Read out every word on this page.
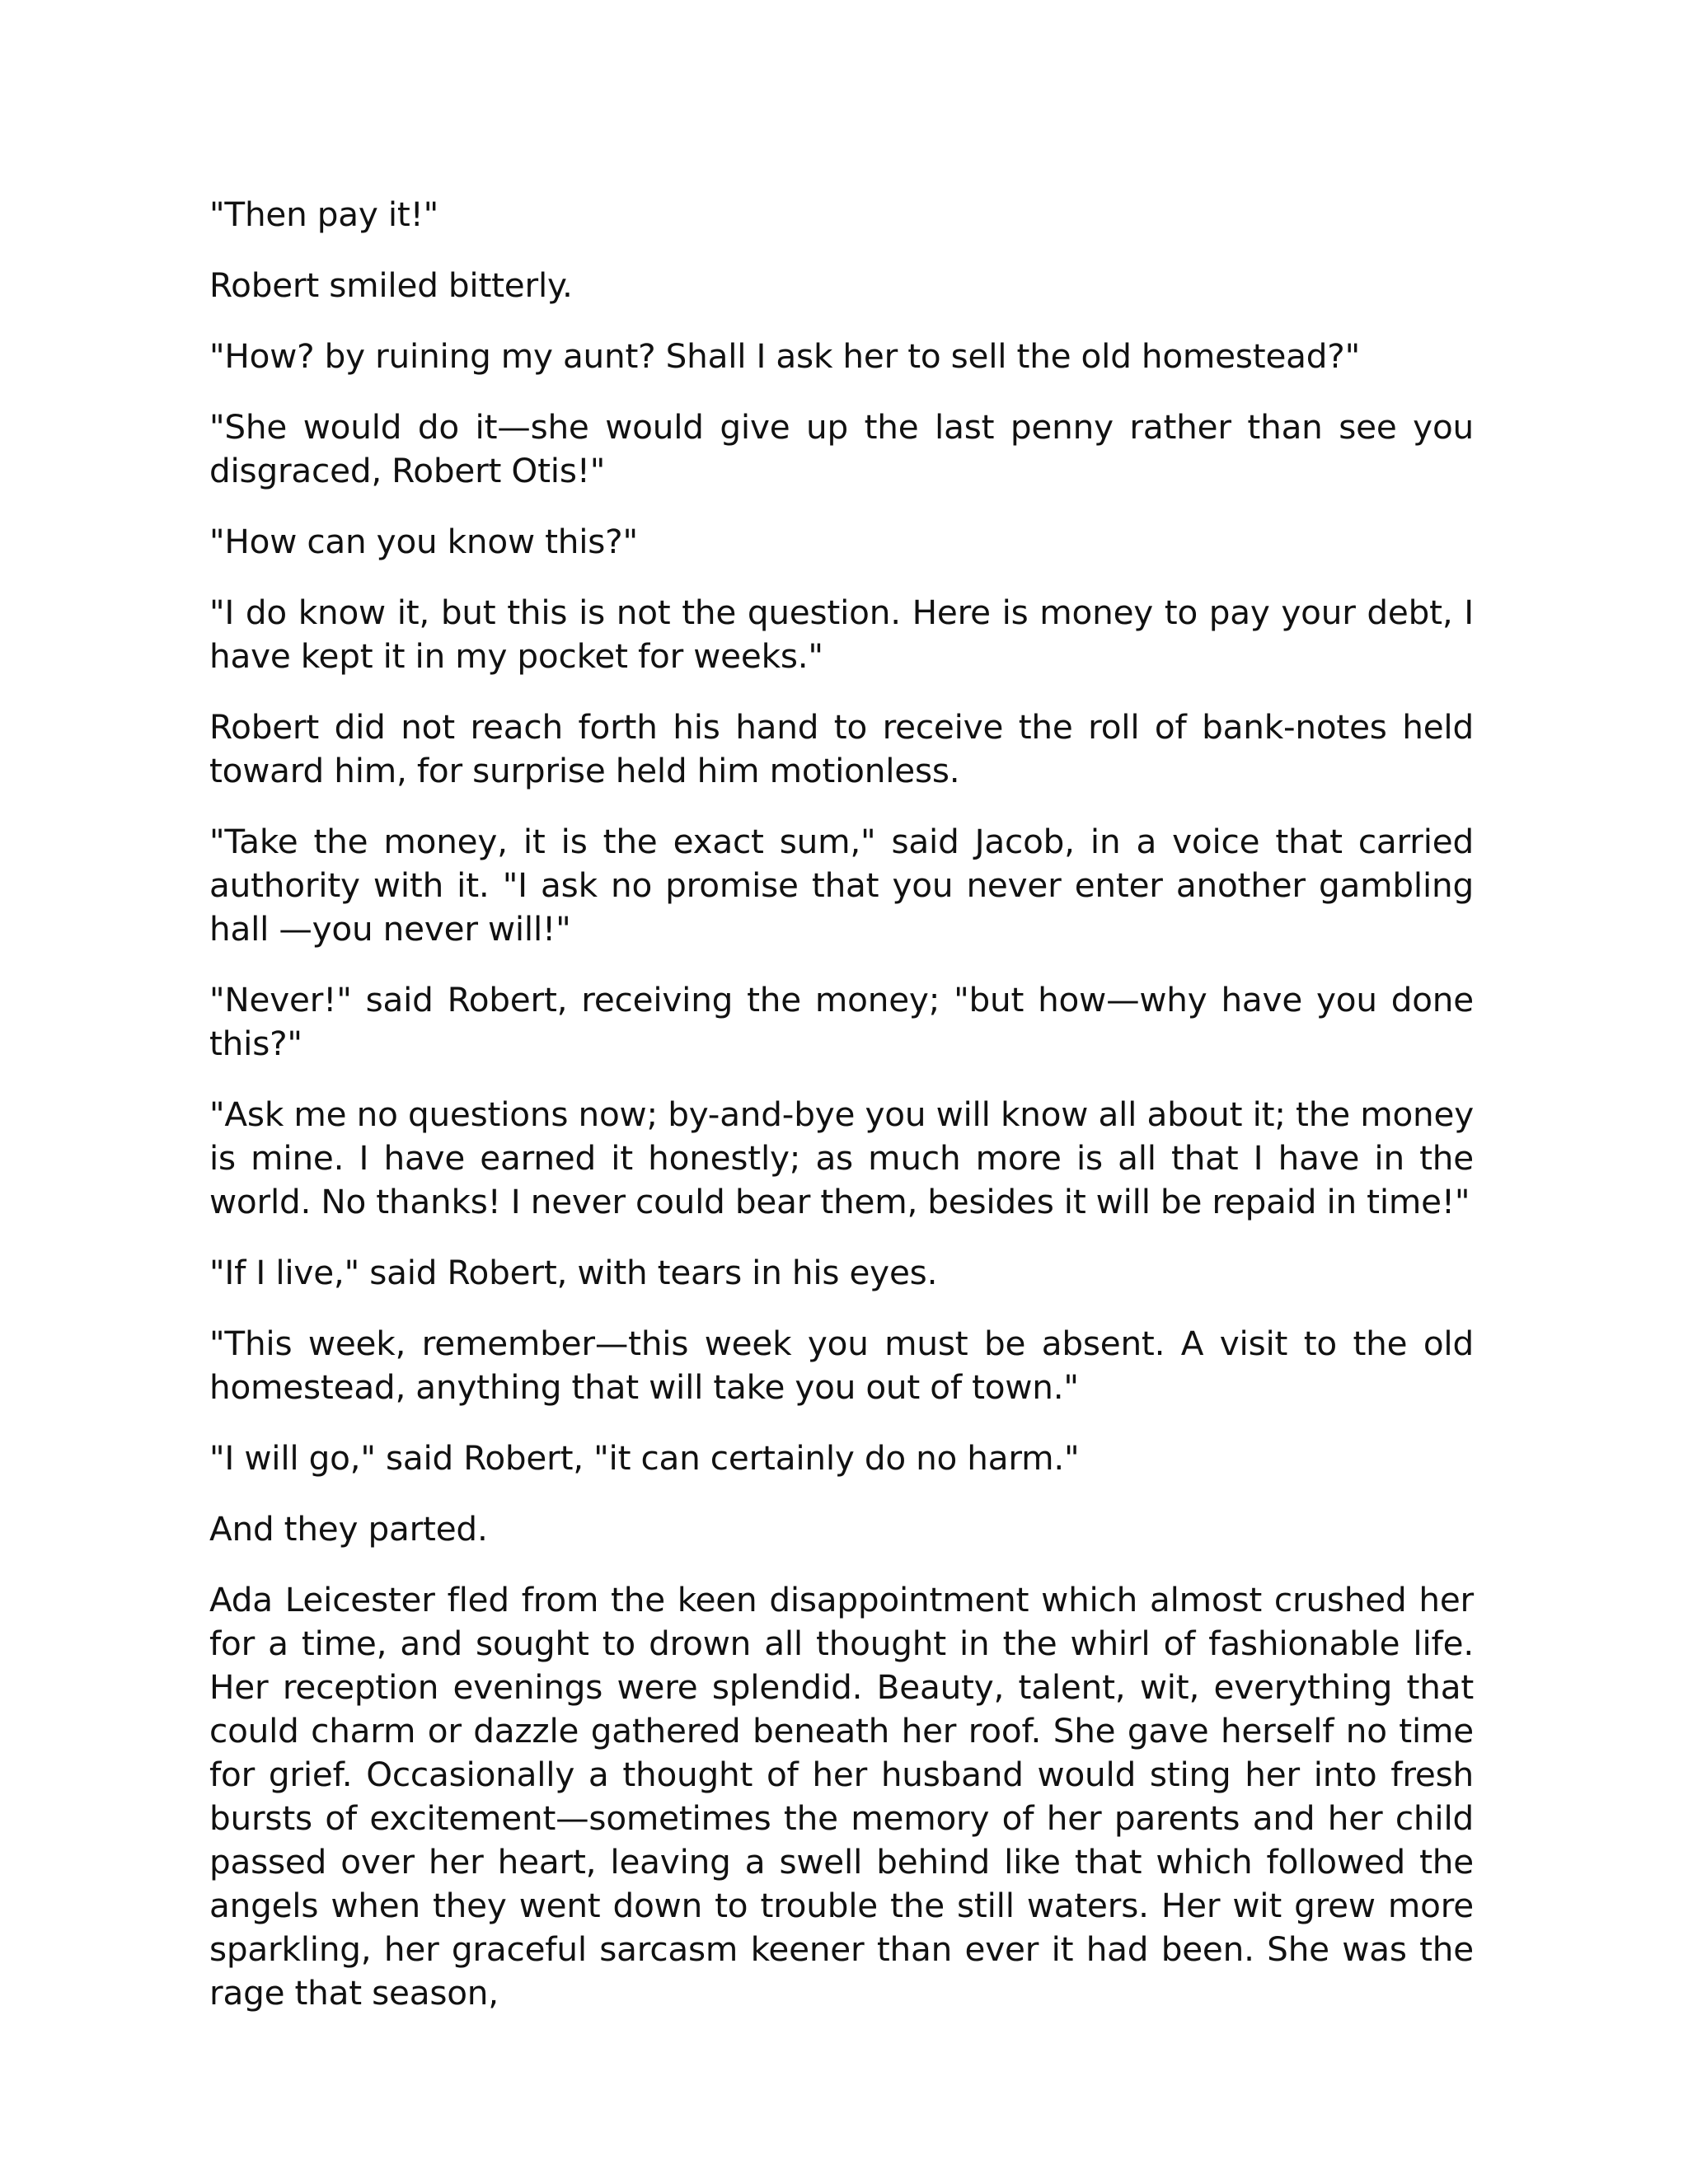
"Then pay it!"

Robert smiled bitterly.

"How? by ruining my aunt? Shall I ask her to sell the old homestead?"

"She would do it—she would give up the last penny rather than see you disgraced, Robert Otis!"

"How can you know this?"

"I do know it, but this is not the question. Here is money to pay your debt, I have kept it in my pocket for weeks."

Robert did not reach forth his hand to receive the roll of bank-notes held toward him, for surprise held him motionless.

"Take the money, it is the exact sum," said Jacob, in a voice that carried authority with it. "I ask no promise that you never enter another gambling hall —you never will!"

"Never!" said Robert, receiving the money; "but how—why have you done this?"

"Ask me no questions now; by-and-bye you will know all about it; the money is mine. I have earned it honestly; as much more is all that I have in the world. No thanks! I never could bear them, besides it will be repaid in time!"

"If I live," said Robert, with tears in his eyes.

"This week, remember—this week you must be absent. A visit to the old homestead, anything that will take you out of town."

"I will go," said Robert, "it can certainly do no harm."

And they parted.

Ada Leicester fled from the keen disappointment which almost crushed her for a time, and sought to drown all thought in the whirl of fashionable life. Her reception evenings were splendid. Beauty, talent, wit, everything that could charm or dazzle gathered beneath her roof. She gave herself no time for grief. Occasionally a thought of her husband would sting her into fresh bursts of excitement—sometimes the memory of her parents and her child passed over her heart, leaving a swell behind like that which followed the angels when they went down to trouble the still waters. Her wit grew more sparkling, her graceful sarcasm keener than ever it had been. She was the rage that season,
